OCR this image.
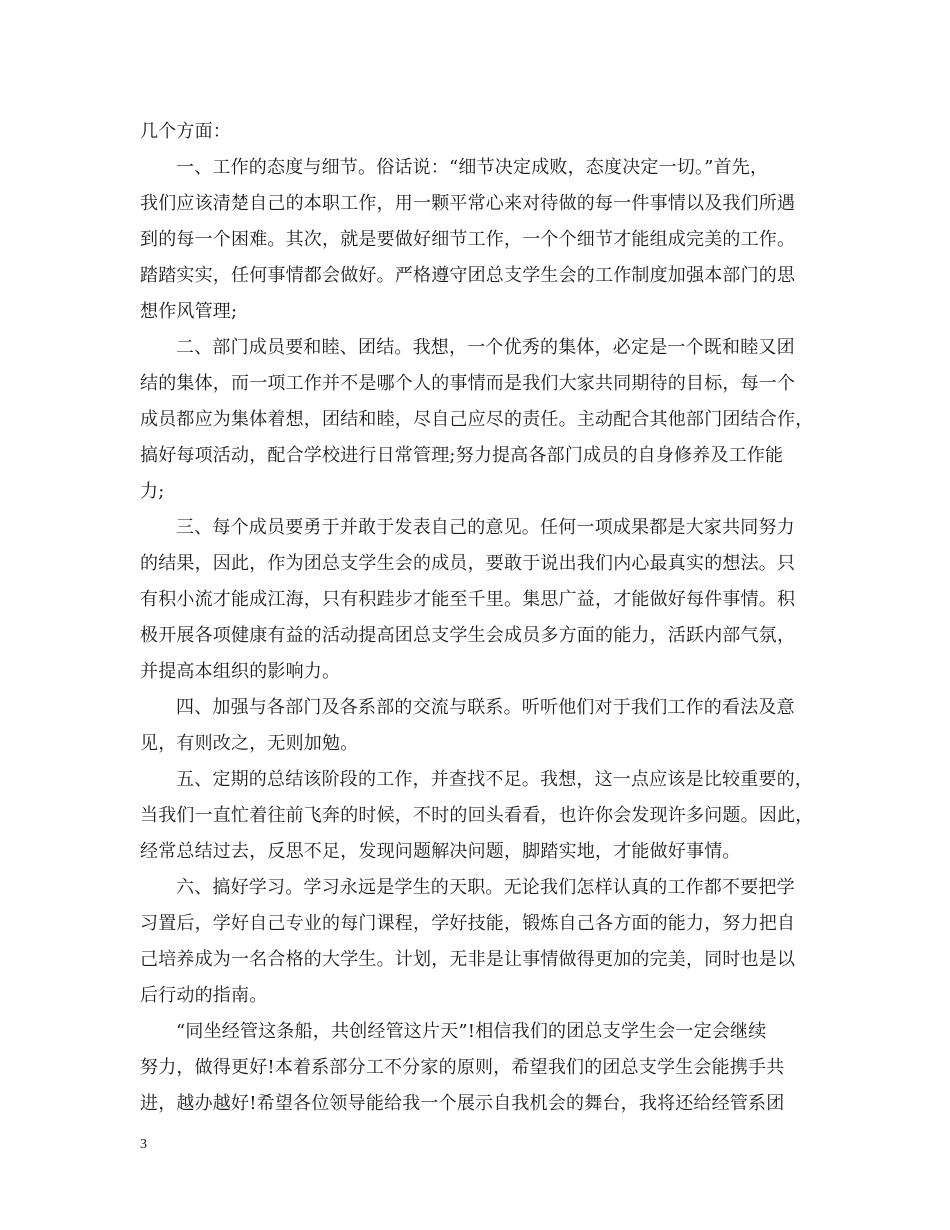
几个方面：
一、工作的态度与细节。俗话说：“细节决定成败，态度决定一切。”首先，
我们应该清楚自己的本职工作，用一颗平常心来对待做的每一件事情以及我们所遇
到的每一个困难。其次，就是要做好细节工作，一个个细节才能组成完美的工作。
踏踏实实，任何事情都会做好。严格遵守团总支学生会的工作制度加强本部门的思
想作风管理;
二、部门成员要和睦、团结。我想，一个优秀的集体，必定是一个既和睦又团
结的集体，而一项工作并不是哪个人的事情而是我们大家共同期待的目标，每一个
成员都应为集体着想，团结和睦，尽自己应尽的责任。主动配合其他部门团结合作，
搞好每项活动，配合学校进行日常管理;努力提高各部门成员的自身修养及工作能
力;
三、每个成员要勇于并敢于发表自己的意见。任何一项成果都是大家共同努力
的结果，因此，作为团总支学生会的成员，要敢于说出我们内心最真实的想法。只
有积小流才能成江海，只有积跬步才能至千里。集思广益，才能做好每件事情。积
极开展各项健康有益的活动提高团总支学生会成员多方面的能力，活跃内部气氛，
并提高本组织的影响力。
四、加强与各部门及各系部的交流与联系。听听他们对于我们工作的看法及意
见，有则改之，无则加勉。
五、定期的总结该阶段的工作，并查找不足。我想，这一点应该是比较重要的，
当我们一直忙着往前飞奔的时候，不时的回头看看，也许你会发现许多问题。因此，
经常总结过去，反思不足，发现问题解决问题，脚踏实地，才能做好事情。
六、搞好学习。学习永远是学生的天职。无论我们怎样认真的工作都不要把学
习置后，学好自己专业的每门课程，学好技能，锻炼自己各方面的能力，努力把自
己培养成为一名合格的大学生。计划，无非是让事情做得更加的完美，同时也是以
后行动的指南。
“同坐经管这条船，共创经管这片天”!相信我们的团总支学生会一定会继续
努力，做得更好!本着系部分工不分家的原则，希望我们的团总支学生会能携手共
进，越办越好!希望各位领导能给我一个展示自我机会的舞台，我将还给经管系团
3
